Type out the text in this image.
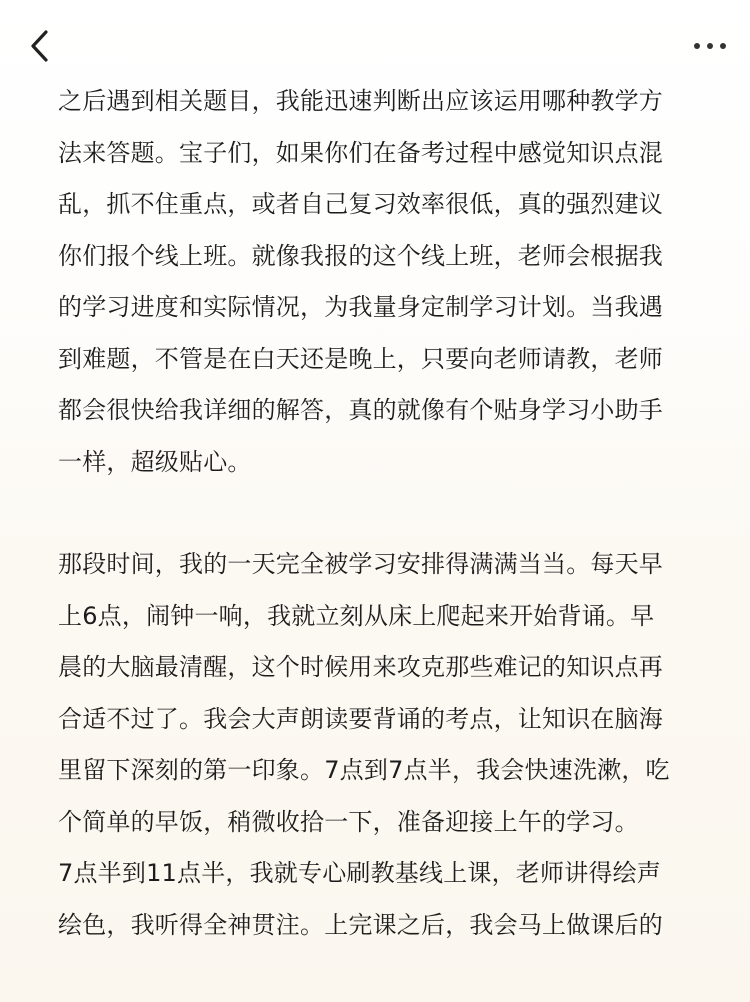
之后遇到相关题目，我能迅速判断出应该运用哪种教学方
法来答题。宝子们，如果你们在备考过程中感觉知识点混
乱，抓不住重点，或者自己复习效率很低，真的强烈建议
你们报个线上班。就像我报的这个线上班，老师会根据我
的学习进度和实际情况，为我量身定制学习计划。当我遇
到难题，不管是在白天还是晚上，只要向老师请教，老师
都会很快给我详细的解答，真的就像有个贴身学习小助手
一样，超级贴心。

那段时间，我的一天完全被学习安排得满满当当。每天早
上6点，闹钟一响，我就立刻从床上爬起来开始背诵。早
晨的大脑最清醒，这个时候用来攻克那些难记的知识点再
合适不过了。我会大声朗读要背诵的考点，让知识在脑海
里留下深刻的第一印象。7点到7点半，我会快速洗漱，吃
个简单的早饭，稍微收拾一下，准备迎接上午的学习。
7点半到11点半，我就专心刷教基线上课，老师讲得绘声
绘色，我听得全神贯注。上完课之后，我会马上做课后的
